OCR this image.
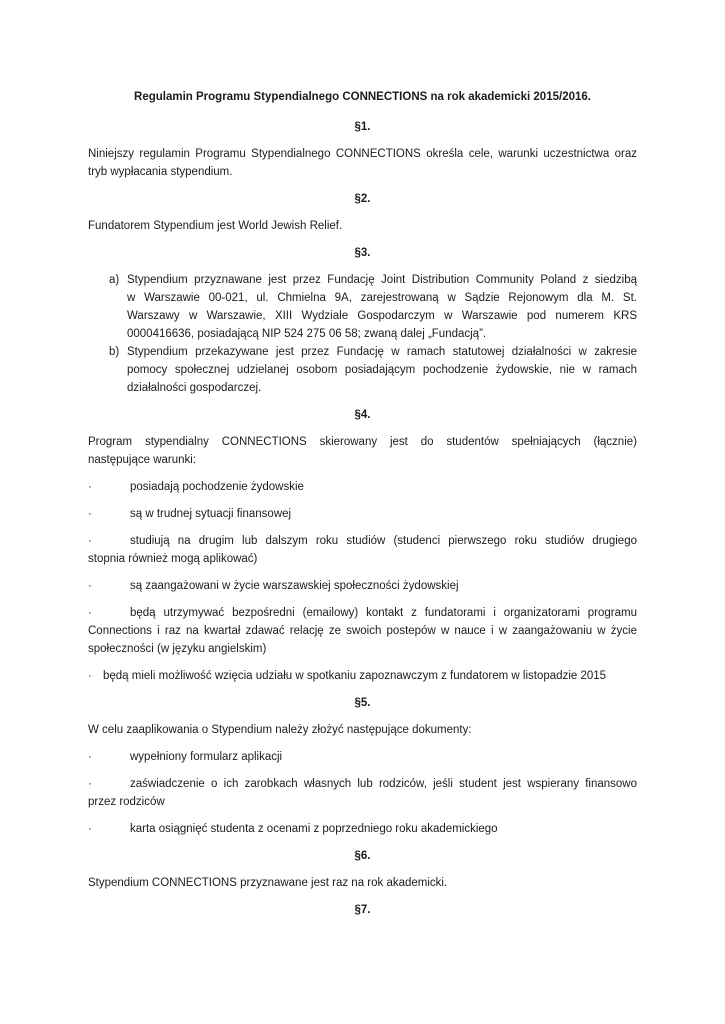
Regulamin Programu Stypendialnego CONNECTIONS na rok akademicki 2015/2016.
§1.
Niniejszy regulamin Programu Stypendialnego CONNECTIONS określa cele, warunki uczestnictwa oraz
tryb wypłacania stypendium.
§2.
Fundatorem Stypendium jest World Jewish Relief.
§3.
a) Stypendium przyznawane jest przez Fundację Joint Distribution Community Poland z siedzibą
w Warszawie 00-021, ul. Chmielna 9A, zarejestrowaną w Sądzie Rejonowym dla M. St.
Warszawy w Warszawie, XIII Wydziale Gospodarczym w Warszawie pod numerem KRS
0000416636, posiadającą NIP 524 275 06 58; zwaną dalej „Fundacją”.
b) Stypendium przekazywane jest przez Fundację w ramach statutowej działalności w zakresie
pomocy społecznej udzielanej osobom posiadającym pochodzenie żydowskie, nie w ramach
działalności gospodarczej.
§4.
Program stypendialny CONNECTIONS skierowany jest do studentów spełniających (łącznie)
następujące warunki:
·	posiadają pochodzenie żydowskie
·	są w trudnej sytuacji finansowej
·	studiują na drugim lub dalszym roku studiów (studenci pierwszego roku studiów drugiego
stopnia również mogą aplikować)
·	są zaangażowani w życie warszawskiej społeczności żydowskiej
·	będą utrzymywać bezpośredni (emailowy) kontakt z fundatorami i organizatorami programu
Connections i raz na kwartał zdawać relację ze swoich postepów w nauce i w zaangażowaniu w życie
społeczności (w języku angielskim)
· będą mieli możliwość wzięcia udziału w spotkaniu zapoznawczym z fundatorem w listopadzie 2015
§5.
W celu zaaplikowania o Stypendium należy złożyć następujące dokumenty:
·	wypełniony formularz aplikacji
·	zaświadczenie o ich zarobkach własnych lub rodziców, jeśli student jest wspierany finansowo
przez rodziców
·	karta osiągnięć studenta z ocenami z poprzedniego roku akademickiego
§6.
Stypendium CONNECTIONS przyznawane jest raz na rok akademicki.
§7.
